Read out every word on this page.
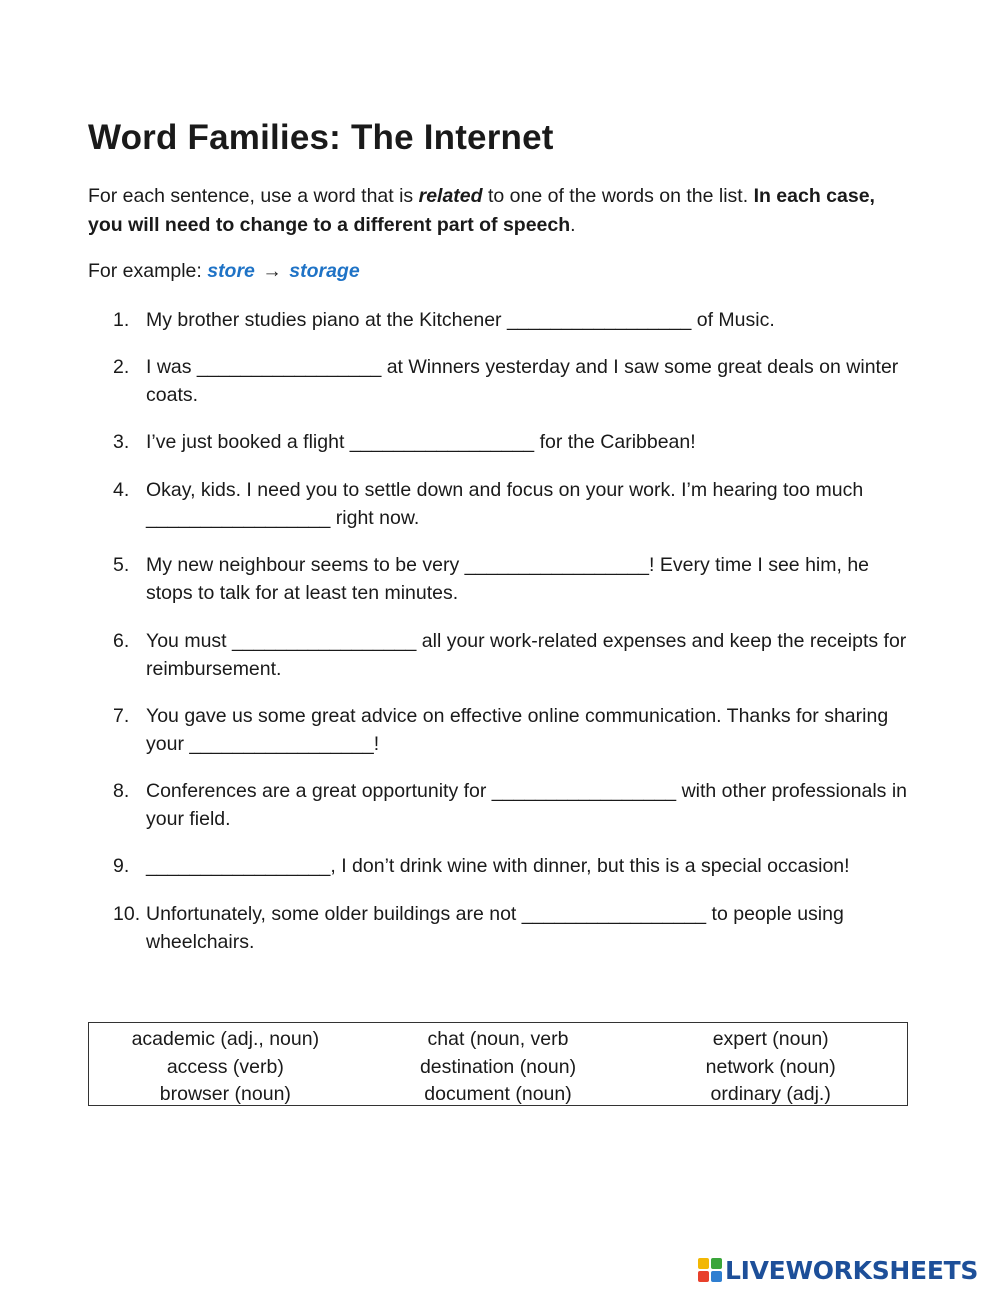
Word Families: The Internet

For each sentence, use a word that is related to one of the words on the list. In each case, you will need to change to a different part of speech.

For example: store → storage

1. My brother studies piano at the Kitchener _________________ of Music.

2. I was _________________ at Winners yesterday and I saw some great deals on winter coats.

3. I’ve just booked a flight _________________ for the Caribbean!

4. Okay, kids. I need you to settle down and focus on your work. I’m hearing too much _________________ right now.

5. My new neighbour seems to be very _________________! Every time I see him, he stops to talk for at least ten minutes.

6. You must _________________ all your work-related expenses and keep the receipts for reimbursement.

7. You gave us some great advice on effective online communication. Thanks for sharing your _________________!

8. Conferences are a great opportunity for _________________ with other professionals in your field.

9. _________________, I don’t drink wine with dinner, but this is a special occasion!

10. Unfortunately, some older buildings are not _________________ to people using wheelchairs.

academic (adj., noun)
access (verb)
browser (noun)
chat (noun, verb
destination (noun)
document (noun)
expert (noun)
network (noun)
ordinary (adj.)
LIVEWORKSHEETS
